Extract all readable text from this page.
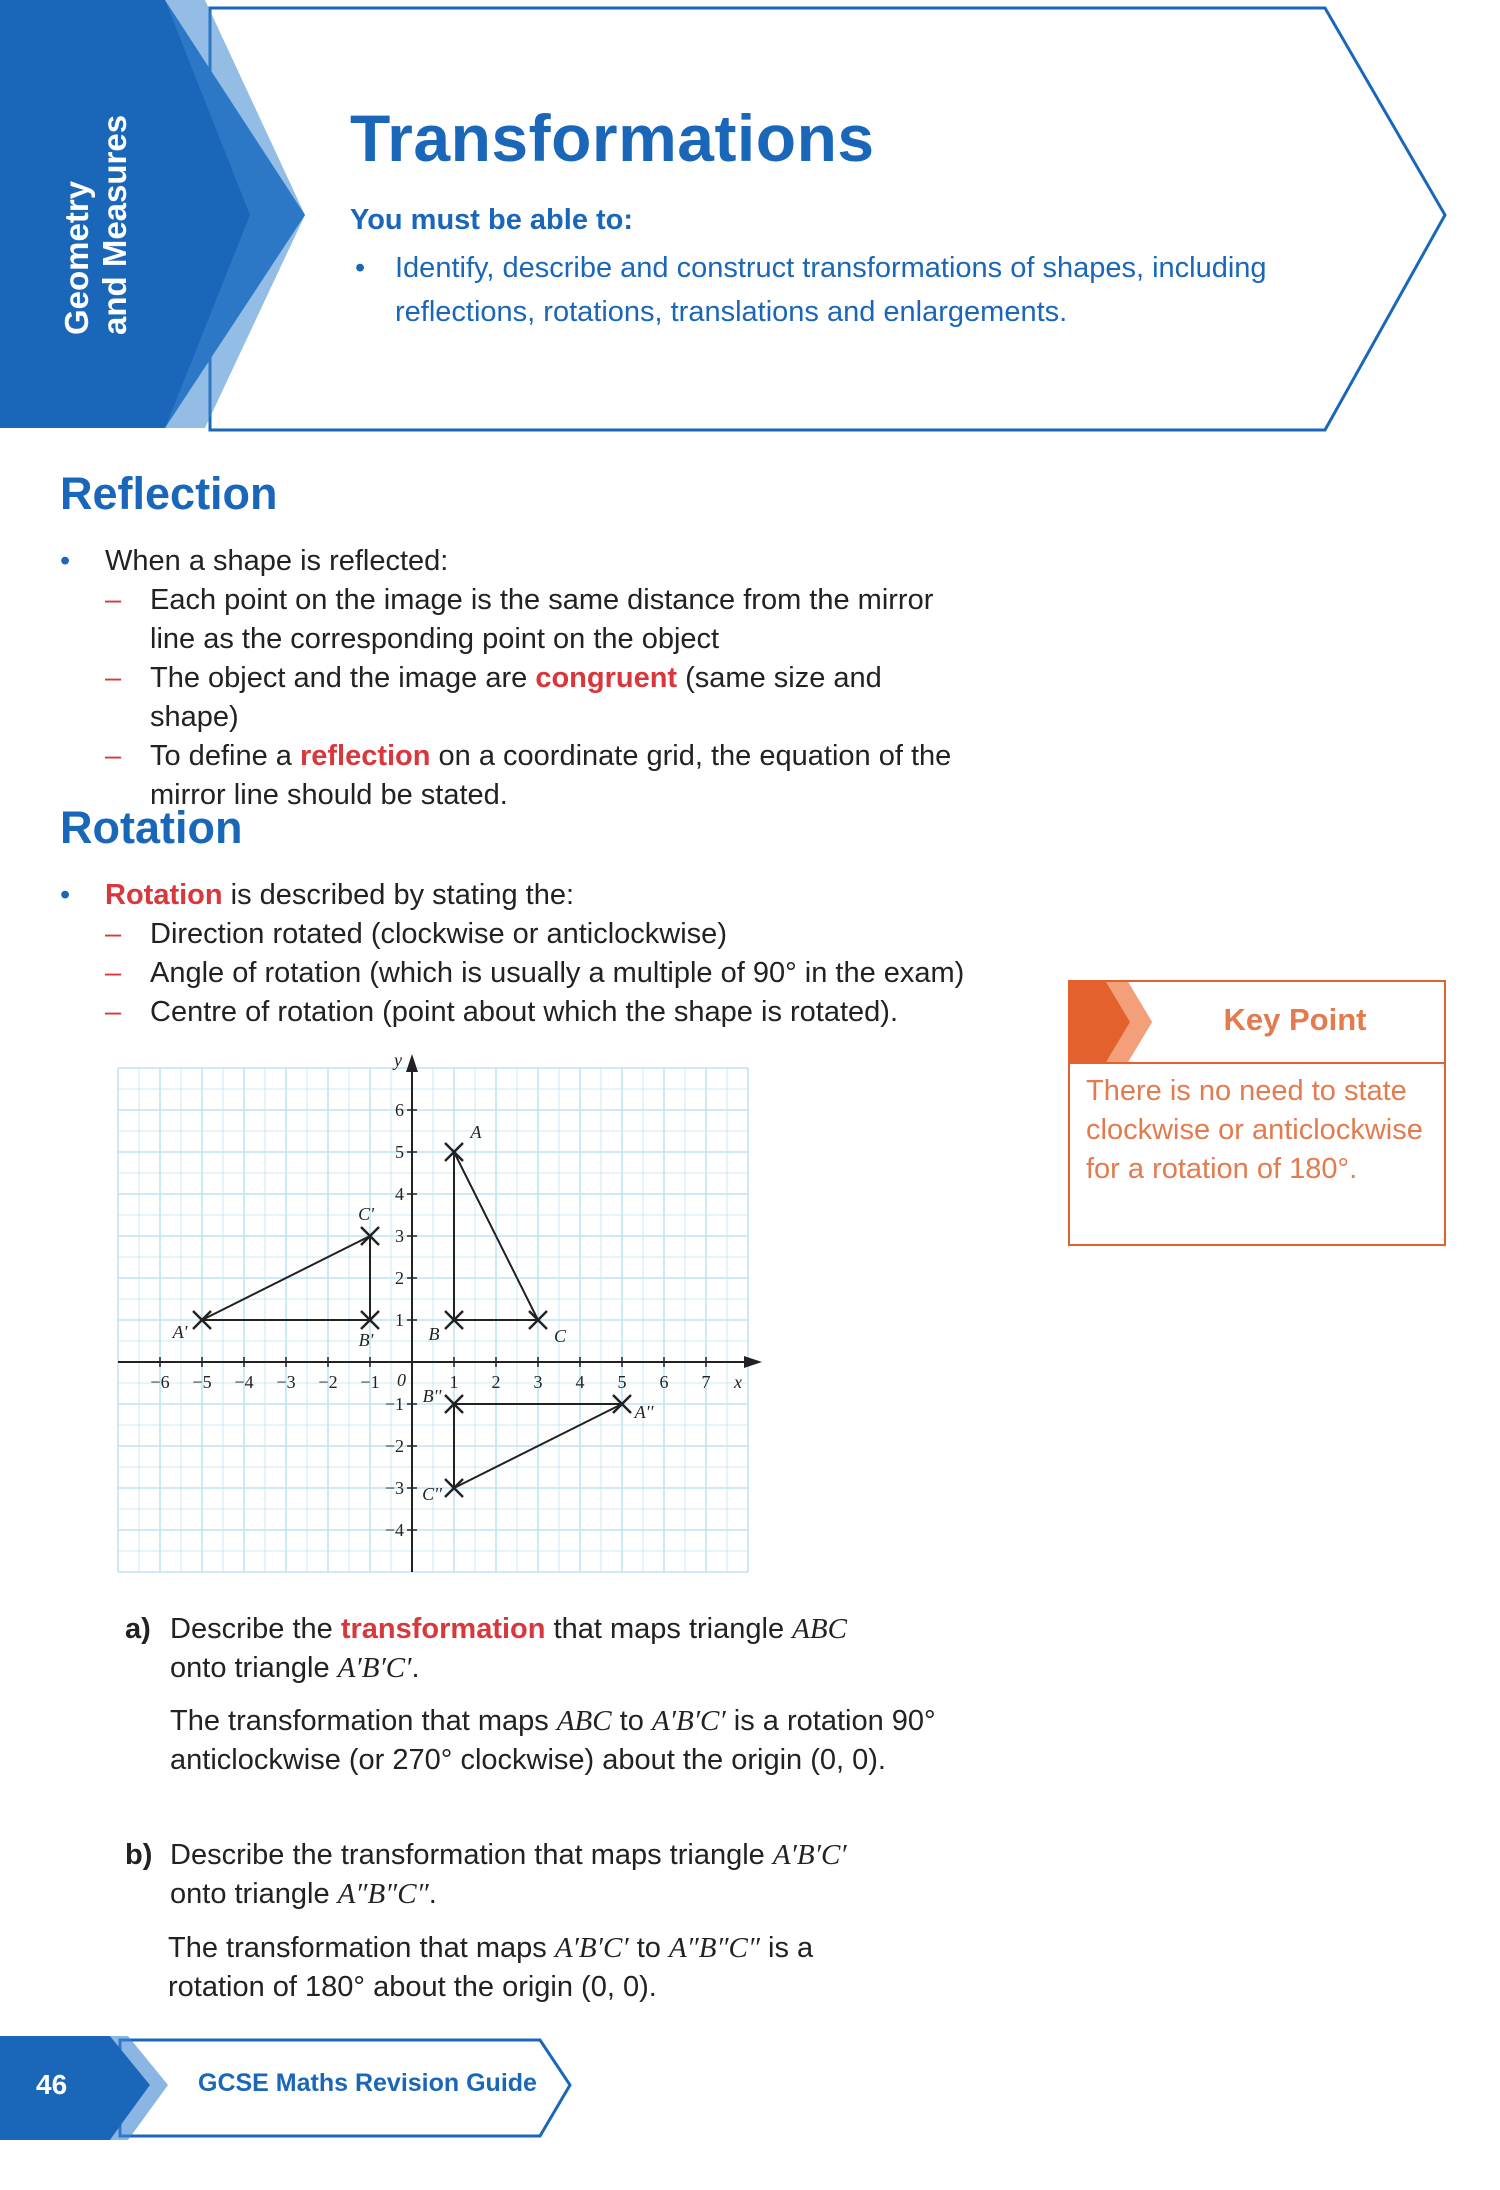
Geometry and Measures	Transformations
You must be able to:
• Identify, describe and construct transformations of shapes, including reflections, rotations, translations and enlargements.
Reflection
• When a shape is reflected:
– Each point on the image is the same distance from the mirror line as the corresponding point on the object
– The object and the image are congruent (same size and shape)
– To define a reflection on a coordinate grid, the equation of the mirror line should be stated.
Rotation
• Rotation is described by stating the:
– Direction rotated (clockwise or anticlockwise)
– Angle of rotation (which is usually a multiple of 90° in the exam)
– Centre of rotation (point about which the shape is rotated).	Key Point
There is no need to state clockwise or anticlockwise for a rotation of 180°.
−6 −5 −4 −3 −2 −1	1 2 3 4 5 6 7
−4
−3
−2
−1
1
2
3
4
5
6
0	x
y
A
B	C
A'	B'
C'
A''
B''
C''
a) Describe the transformation that maps triangle ABC
onto triangle A′B′C′.
The transformation that maps ABC to A′B′C′ is a rotation 90° anticlockwise (or 270° clockwise) about the origin (0, 0).
b) Describe the transformation that maps triangle A′B′C′
onto triangle A″B″C″.
The transformation that maps A′B′C′ to A″B″C″ is a
rotation of 180° about the origin (0, 0).
46	GCSE Maths Revision Guide
